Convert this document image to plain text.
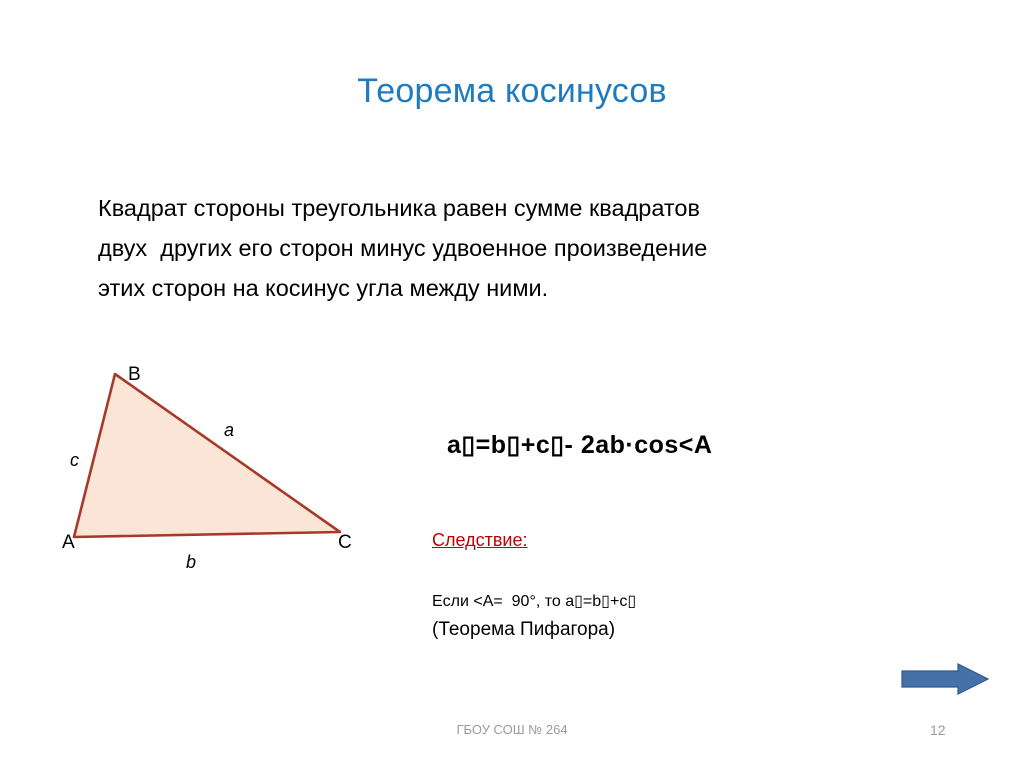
Теорема косинусов
Квадрат стороны треугольника равен сумме квадратов
двух  других его сторон минус удвоенное произведение
этих сторон на косинус угла между ними.
B
A	C
a
b
c
a▯=b▯+c▯- 2ab·cos<A
Следствие:
Eсли <A=  90°, то a▯=b▯+c▯
(Теорема Пифагора)
ГБОУ СОШ № 264	12
